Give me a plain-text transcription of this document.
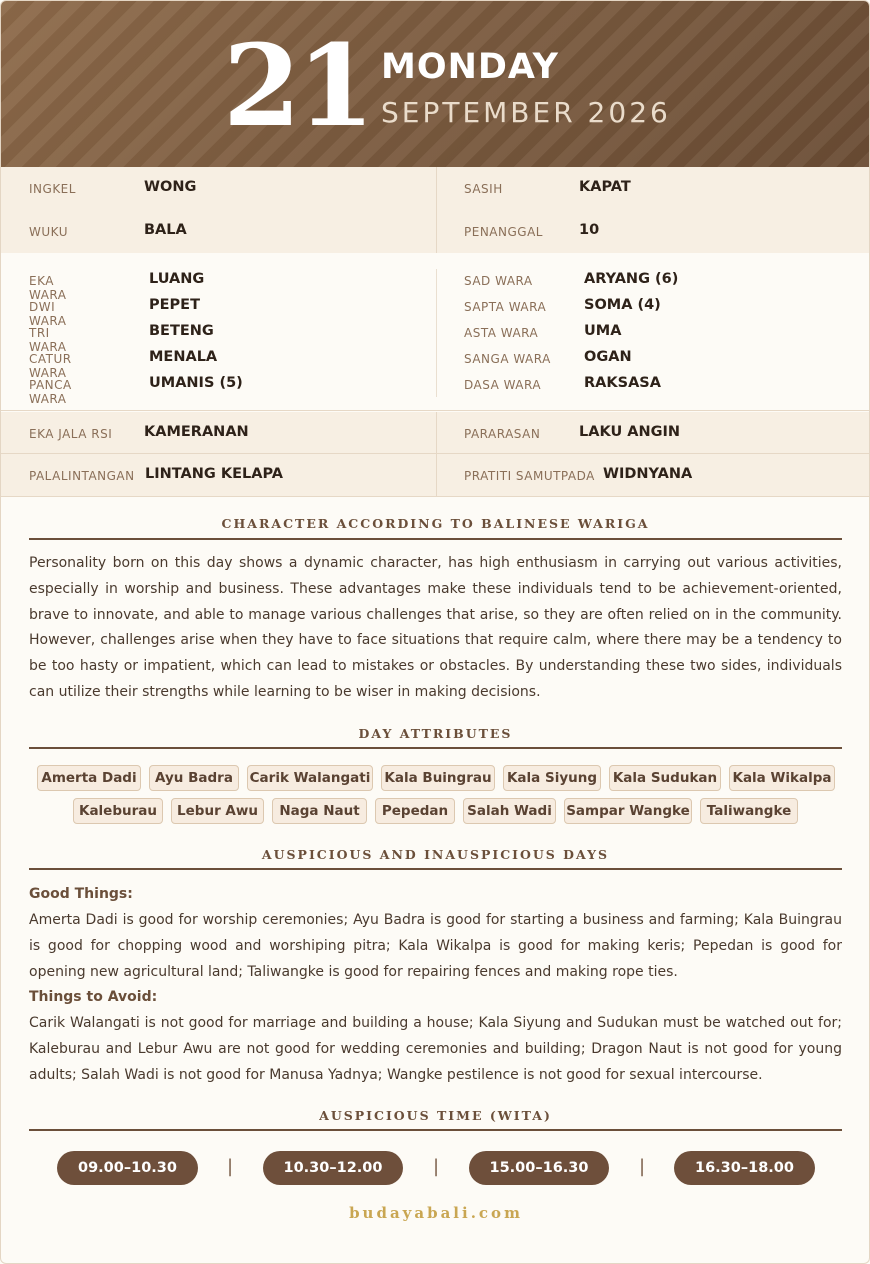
21 MONDAY
SEPTEMBER 2026
INGKEL	WONG	SASIH	KAPAT
WUKU	BALA	PENANGGAL 10
EKA WARA
LUANG
DWI WARA
PEPET
TRI WARA
BETENG
CATUR WARA
MENALA
PANCA WARA
UMANIS (5)
SAD WARA	ARYANG (6)
SAPTA WARA	SOMA (4)
ASTA WARA	UMA
SANGA WARA OGAN
DASA WARA	RAKSASA
EKA JALA RSI KAMERANAN	PARARASAN	LAKU ANGIN
PALALINTANGAN LINTANG KELAPA	PRATITI SAMUTPADA WIDNYANA
CHARACTER ACCORDING TO BALINESE WARIGA
Personality born on this day shows a dynamic character, has high enthusiasm in carrying out various activities, especially in worship and business. These advantages make these individuals tend to be achievement-oriented, brave to innovate, and able to manage various challenges that arise, so they are often relied on in the community. However, challenges arise when they have to face situations that require calm, where there may be a tendency to be too hasty or impatient, which can lead to mistakes or obstacles. By understanding these two sides, individuals can utilize their strengths while learning to be wiser in making decisions.
DAY ATTRIBUTES
Amerta Dadi	Ayu Badra	Carik Walangati Kala Buingrau Kala Siyung Kala Sudukan Kala Wikalpa
Kaleburau	Lebur Awu	Naga Naut	Pepedan	Salah Wadi	Sampar Wangke	Taliwangke
AUSPICIOUS AND INAUSPICIOUS DAYS
Good Things:
Amerta Dadi is good for worship ceremonies; Ayu Badra is good for starting a business and farming; Kala Buingrau is good for chopping wood and worshiping pitra; Kala Wikalpa is good for making keris; Pepedan is good for opening new agricultural land; Taliwangke is good for repairing fences and making rope ties.
Things to Avoid:
Carik Walangati is not good for marriage and building a house; Kala Siyung and Sudukan must be watched out for; Kaleburau and Lebur Awu are not good for wedding ceremonies and building; Dragon Naut is not good for young adults; Salah Wadi is not good for Manusa Yadnya; Wangke pestilence is not good for sexual intercourse.
AUSPICIOUS TIME (WITA)
09.00–10.30	|	10.30–12.00	|	15.00–16.30	|	16.30–18.00
budayabali.com
